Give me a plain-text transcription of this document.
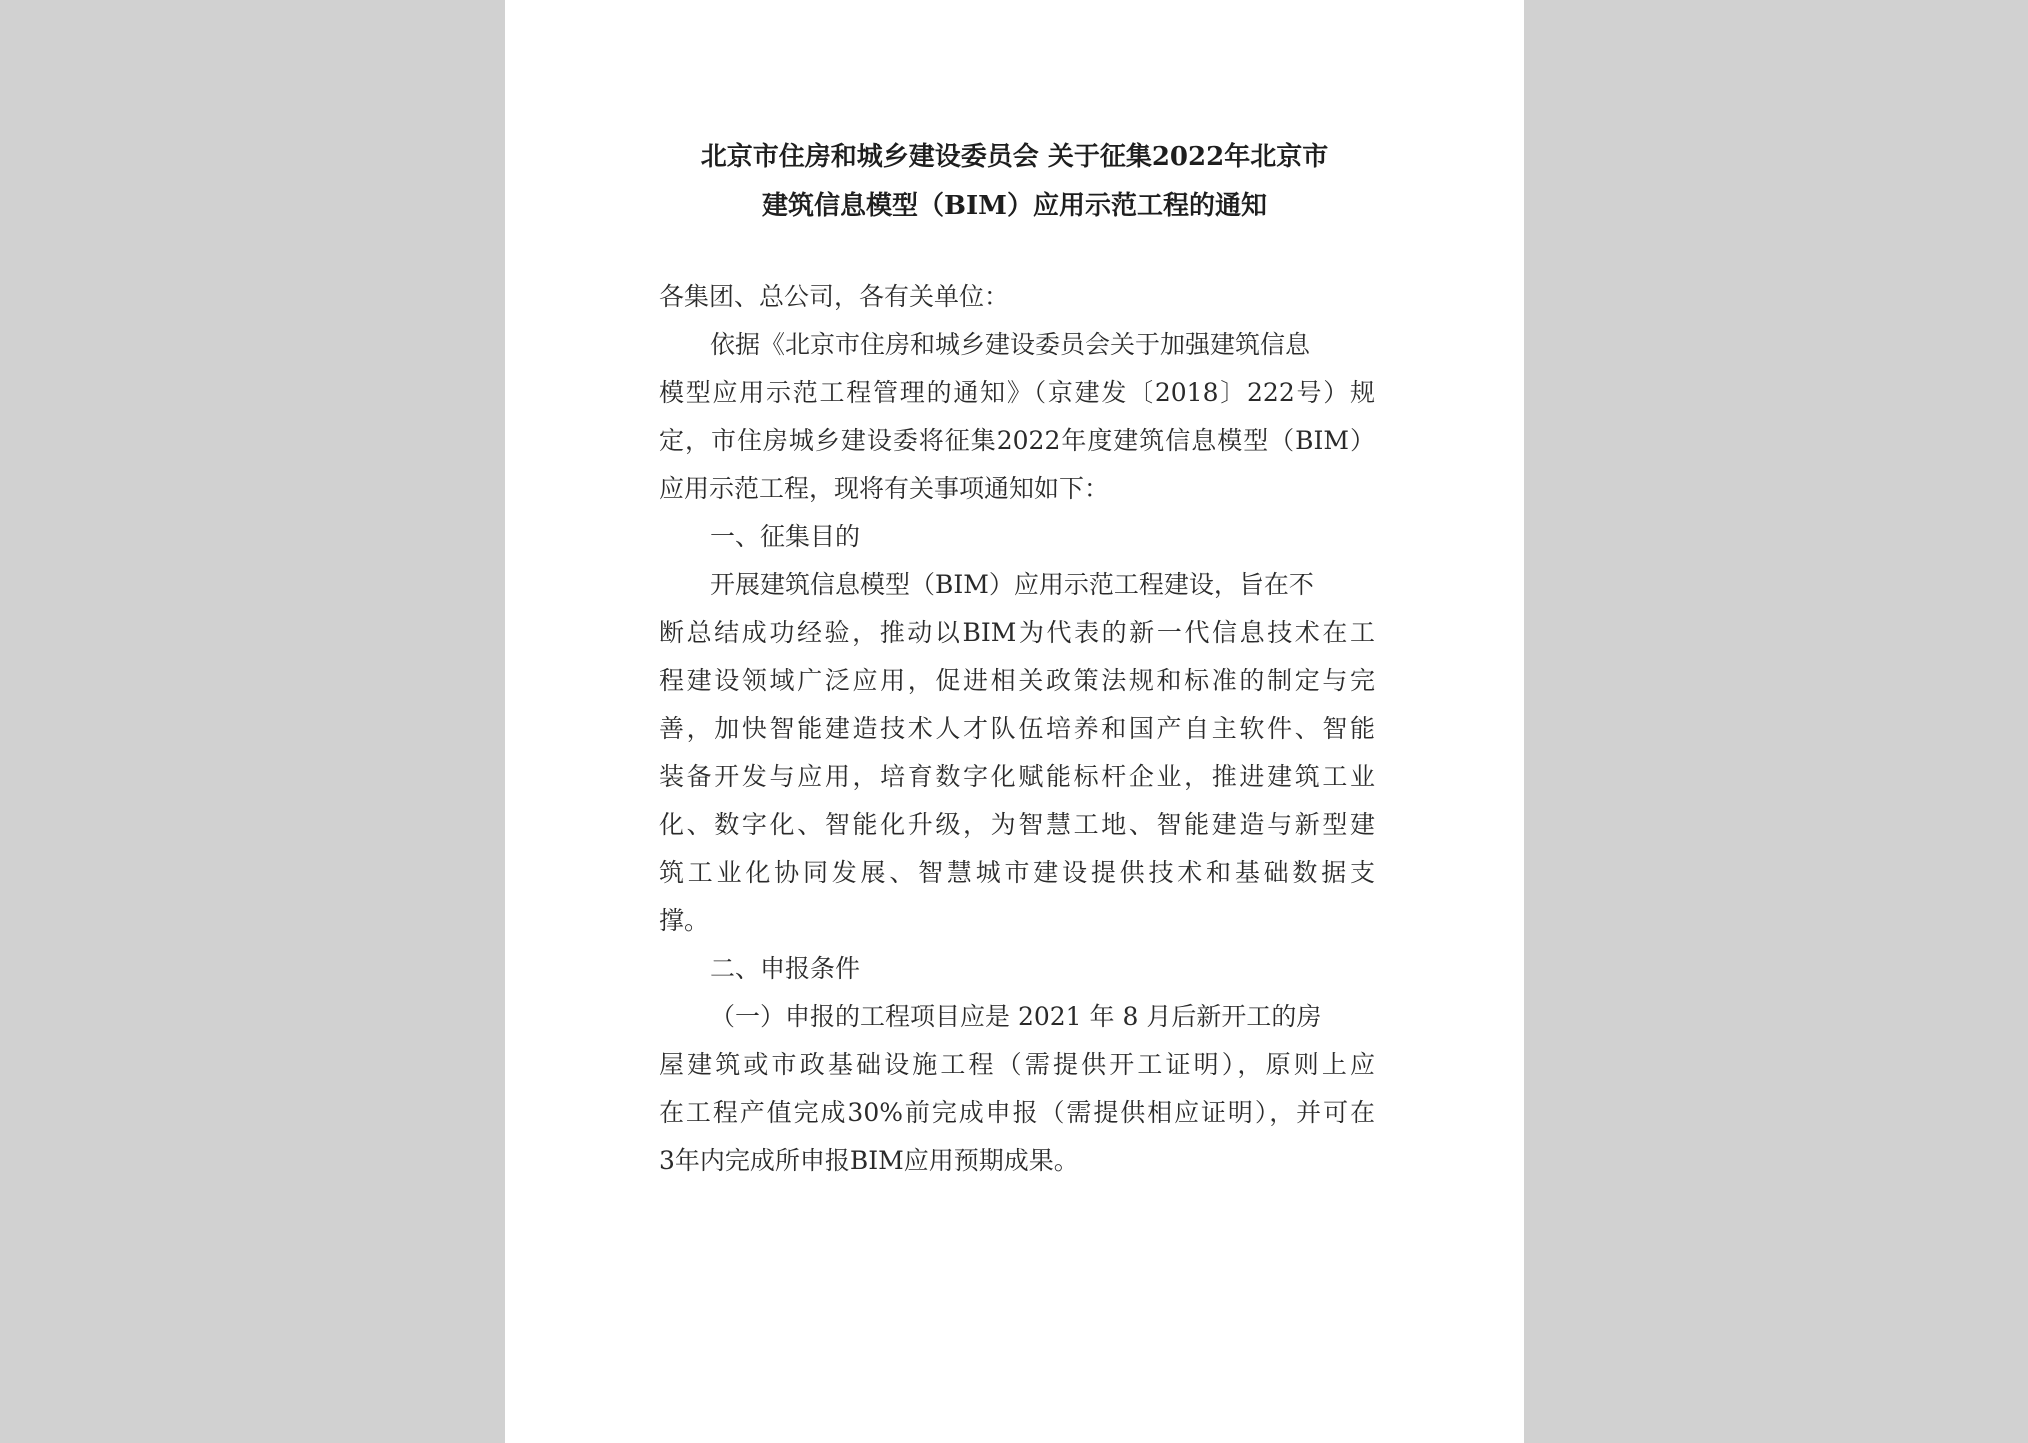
北京市住房和城乡建设委员会 关于征集2022年北京市
建筑信息模型（BIM）应用示范工程的通知
各集团、总公司，各有关单位：
依据《北京市住房和城乡建设委员会关于加强建筑信息
模型应用示范工程管理的通知》（京建发〔2018〕222号）规
定，市住房城乡建设委将征集2022年度建筑信息模型（BIM）
应用示范工程，现将有关事项通知如下：
一、征集目的
开展建筑信息模型（BIM）应用示范工程建设，旨在不
断总结成功经验，推动以BIM为代表的新一代信息技术在工
程建设领域广泛应用，促进相关政策法规和标准的制定与完
善，加快智能建造技术人才队伍培养和国产自主软件、智能
装备开发与应用，培育数字化赋能标杆企业，推进建筑工业
化、数字化、智能化升级，为智慧工地、智能建造与新型建
筑工业化协同发展、智慧城市建设提供技术和基础数据支
撑。
二、申报条件
（一）申报的工程项目应是 2021 年 8 月后新开工的房
屋建筑或市政基础设施工程（需提供开工证明），原则上应
在工程产值完成30%前完成申报（需提供相应证明），并可在
3年内完成所申报BIM应用预期成果。
